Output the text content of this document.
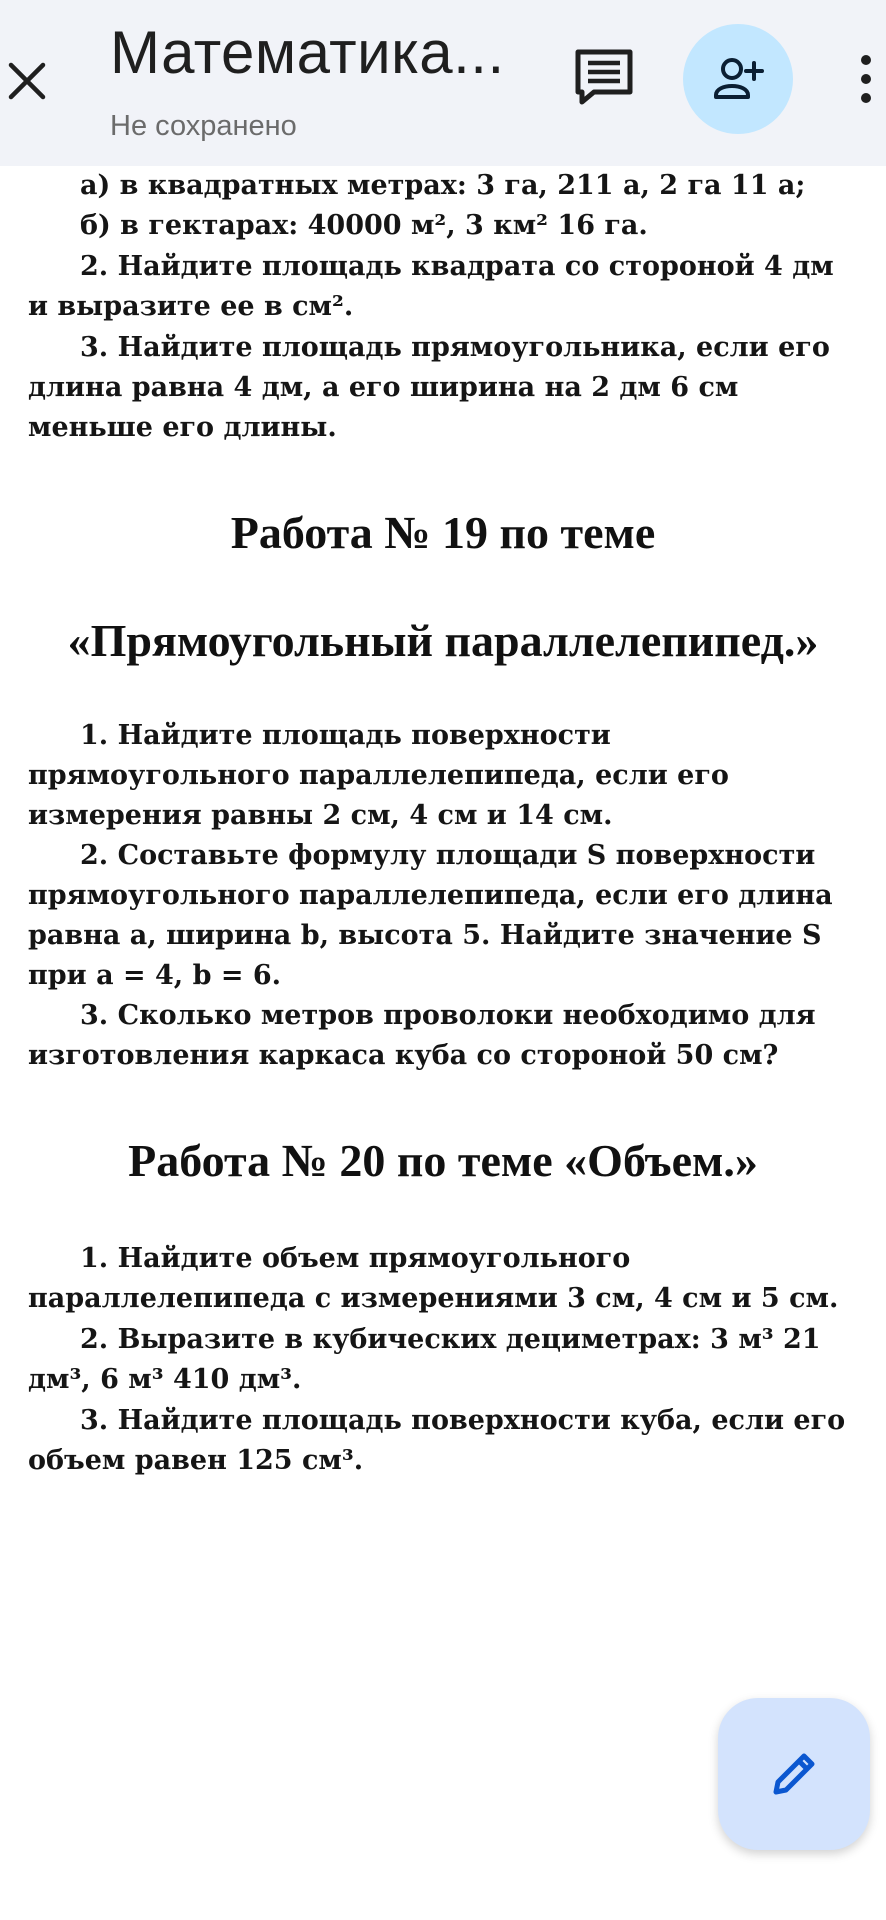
Математика...
Не сохранено

а) в квадратных метрах: 3 га, 211 а, 2 га 11 а;

б) в гектарах: 40000 м², 3 км² 16 га.

2. Найдите площадь квадрата со стороной 4 дм и выразите ее в см².

3. Найдите площадь прямоугольника, если его длина равна 4 дм, а его ширина на 2 дм 6 см меньше его длины.

Работа № 19 по теме
«Прямоугольный параллелепипед.»

1. Найдите площадь поверхности прямоугольного параллелепипеда, если его измерения равны 2 см, 4 см и 14 см.

2. Составьте формулу площади S поверхности прямоугольного параллелепипеда, если его длина равна a, ширина b, высота 5. Найдите значение S при a = 4, b = 6.

3. Сколько метров проволоки необходимо для изготовления каркаса куба со стороной 50 см?

Работа № 20 по теме «Объем.»

1. Найдите объем прямоугольного параллелепипеда с измерениями 3 см, 4 см и 5 см.

2. Выразите в кубических дециметрах: 3 м³ 21 дм³, 6 м³ 410 дм³.

3. Найдите площадь поверхности куба, если его объем равен 125 см³.
